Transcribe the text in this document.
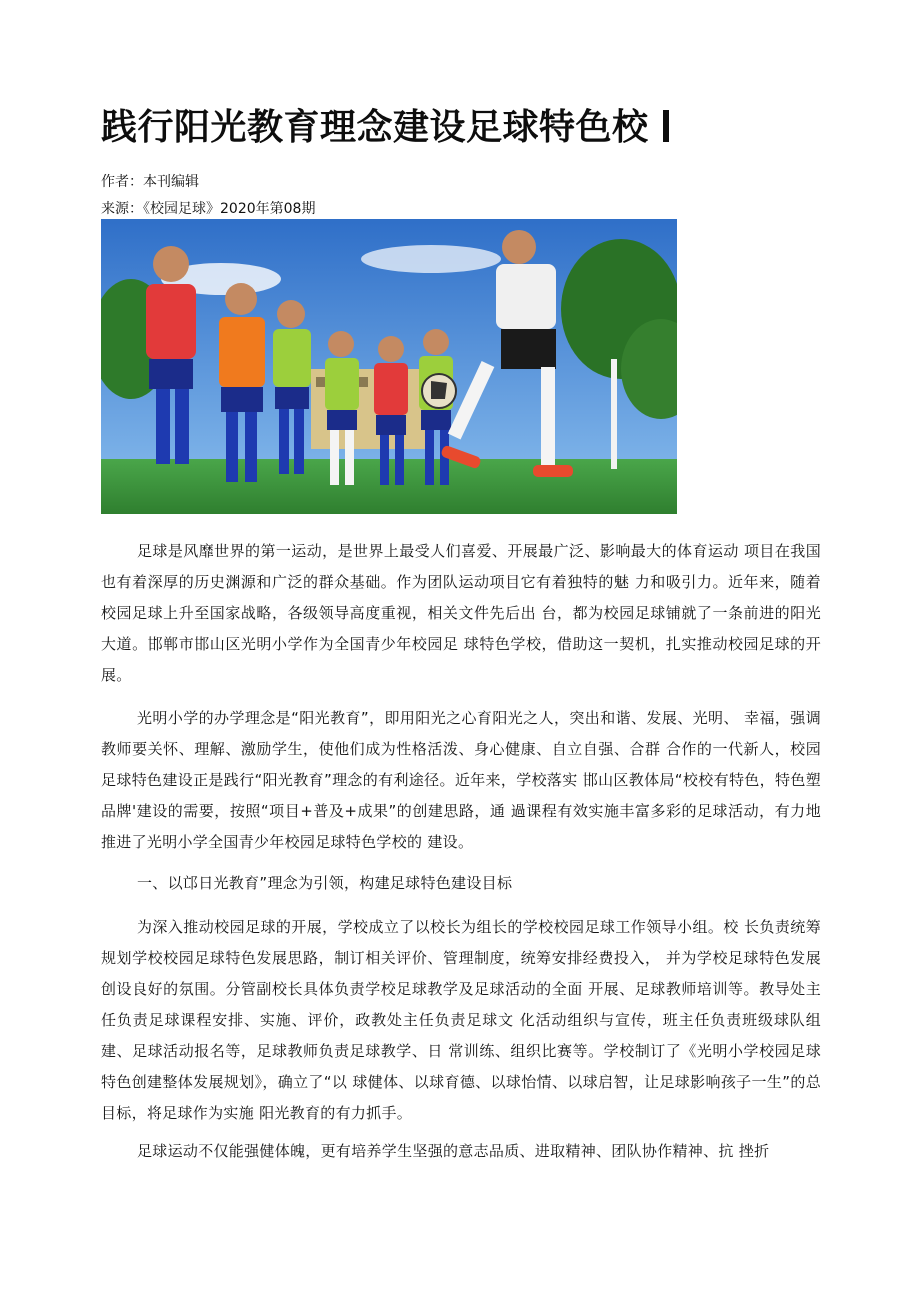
践行阳光教育理念建设足球特色校
作者：本刊编辑
来源：《校园足球》2020年第08期

足球是风靡世界的第一运动，是世界上最受人们喜爱、开展最广泛、影响最大的体育运动 项目在我国也有着深厚的历史渊源和广泛的群众基础。作为团队运动项目它有着独特的魅 力和吸引力。近年来，随着校园足球上升至国家战略，各级领导高度重视，相关文件先后出 台，都为校园足球铺就了一条前进的阳光大道。邯郸市邯山区光明小学作为全国青少年校园足 球特色学校，借助这一契机，扎实推动校园足球的开展。

光明小学的办学理念是“阳光教育”，即用阳光之心育阳光之人，突出和谐、发展、光明、 幸福，强调教师要关怀、理解、激励学生，使他们成为性格活泼、身心健康、自立自强、合群 合作的一代新人，校园足球特色建设正是践行“阳光教育”理念的有利途径。近年来，学校落实 邯山区教体局“校校有特色，特色塑品牌'建设的需要，按照“项目+普及+成果”的创建思路，通 過课程有效实施丰富多彩的足球活动，有力地推进了光明小学全国青少年校园足球特色学校的 建设。

一、以邙日光教育”理念为引领，构建足球特色建设目标

为深入推动校园足球的开展，学校成立了以校长为组长的学校校园足球工作领导小组。校 长负责统筹规划学校校园足球特色发展思路，制订相关评价、管理制度，统筹安排经费投入， 并为学校足球特色发展创设良好的氛围。分管副校长具体负责学校足球教学及足球活动的全面 开展、足球教师培训等。教导处主任负责足球课程安排、实施、评价，政教处主任负责足球文 化活动组织与宣传，班主任负责班级球队组建、足球活动报名等，足球教师负责足球教学、日 常训练、组织比赛等。学校制订了《光明小学校园足球特色创建整体发展规划》，确立了“以 球健体、以球育德、以球怡情、以球启智，让足球影响孩子一生”的总目标，将足球作为实施 阳光教育的有力抓手。

足球运动不仅能强健体魄，更有培养学生坚强的意志品质、进取精神、团队协作精神、抗 挫折
